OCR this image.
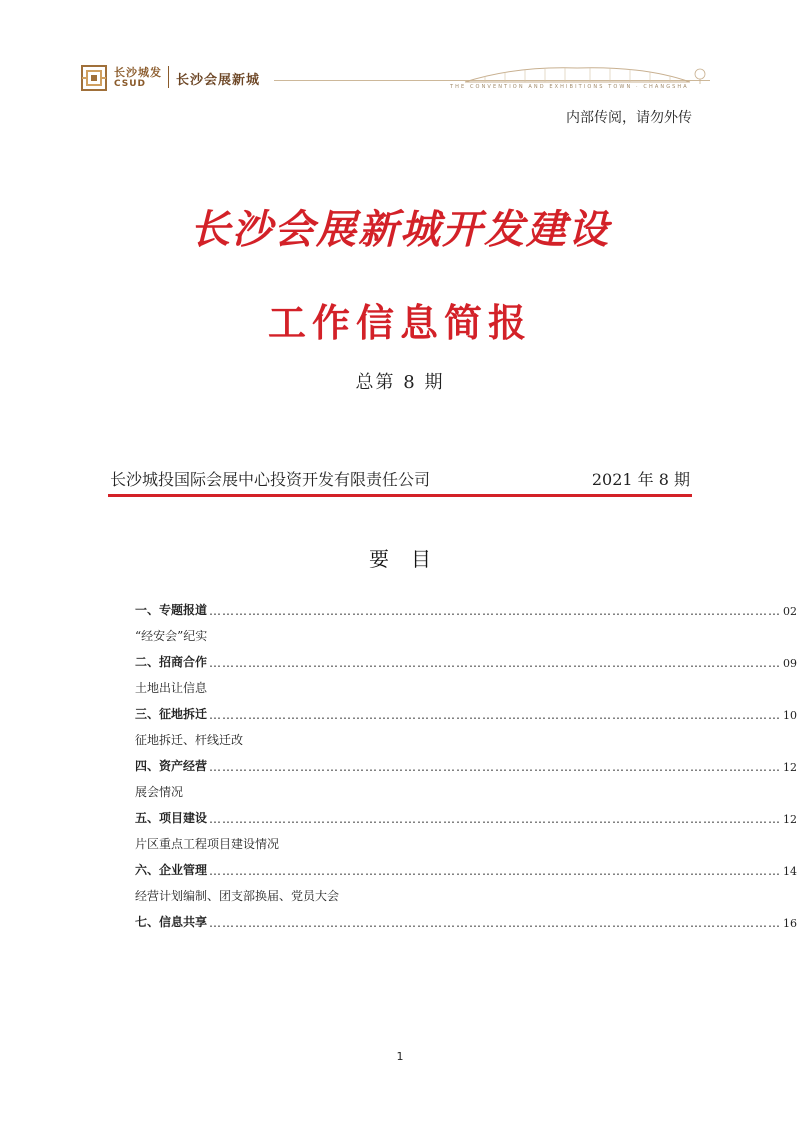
长沙城发
CSUD 长沙会展新城	THE CONVENTION AND EXHIBITIONS TOWN · CHANGSHA
内部传阅，请勿外传
长沙会展新城开发建设
工作信息简报
总第 8 期
长沙城投国际会展中心投资开发有限责任公司	2021 年 8 期
要目
一、专题报道 …………………………………………………………………………………………………………………… 02
“经安会”纪实
二、招商合作 …………………………………………………………………………………………………………………… 09
土地出让信息
三、征地拆迁 …………………………………………………………………………………………………………………… 10
征地拆迁、杆线迁改
四、资产经营 …………………………………………………………………………………………………………………… 12
展会情况
五、项目建设 …………………………………………………………………………………………………………………… 12
片区重点工程项目建设情况
六、企业管理 …………………………………………………………………………………………………………………… 14
经营计划编制、团支部换届、党员大会
七、信息共享 …………………………………………………………………………………………………………………… 16
1
